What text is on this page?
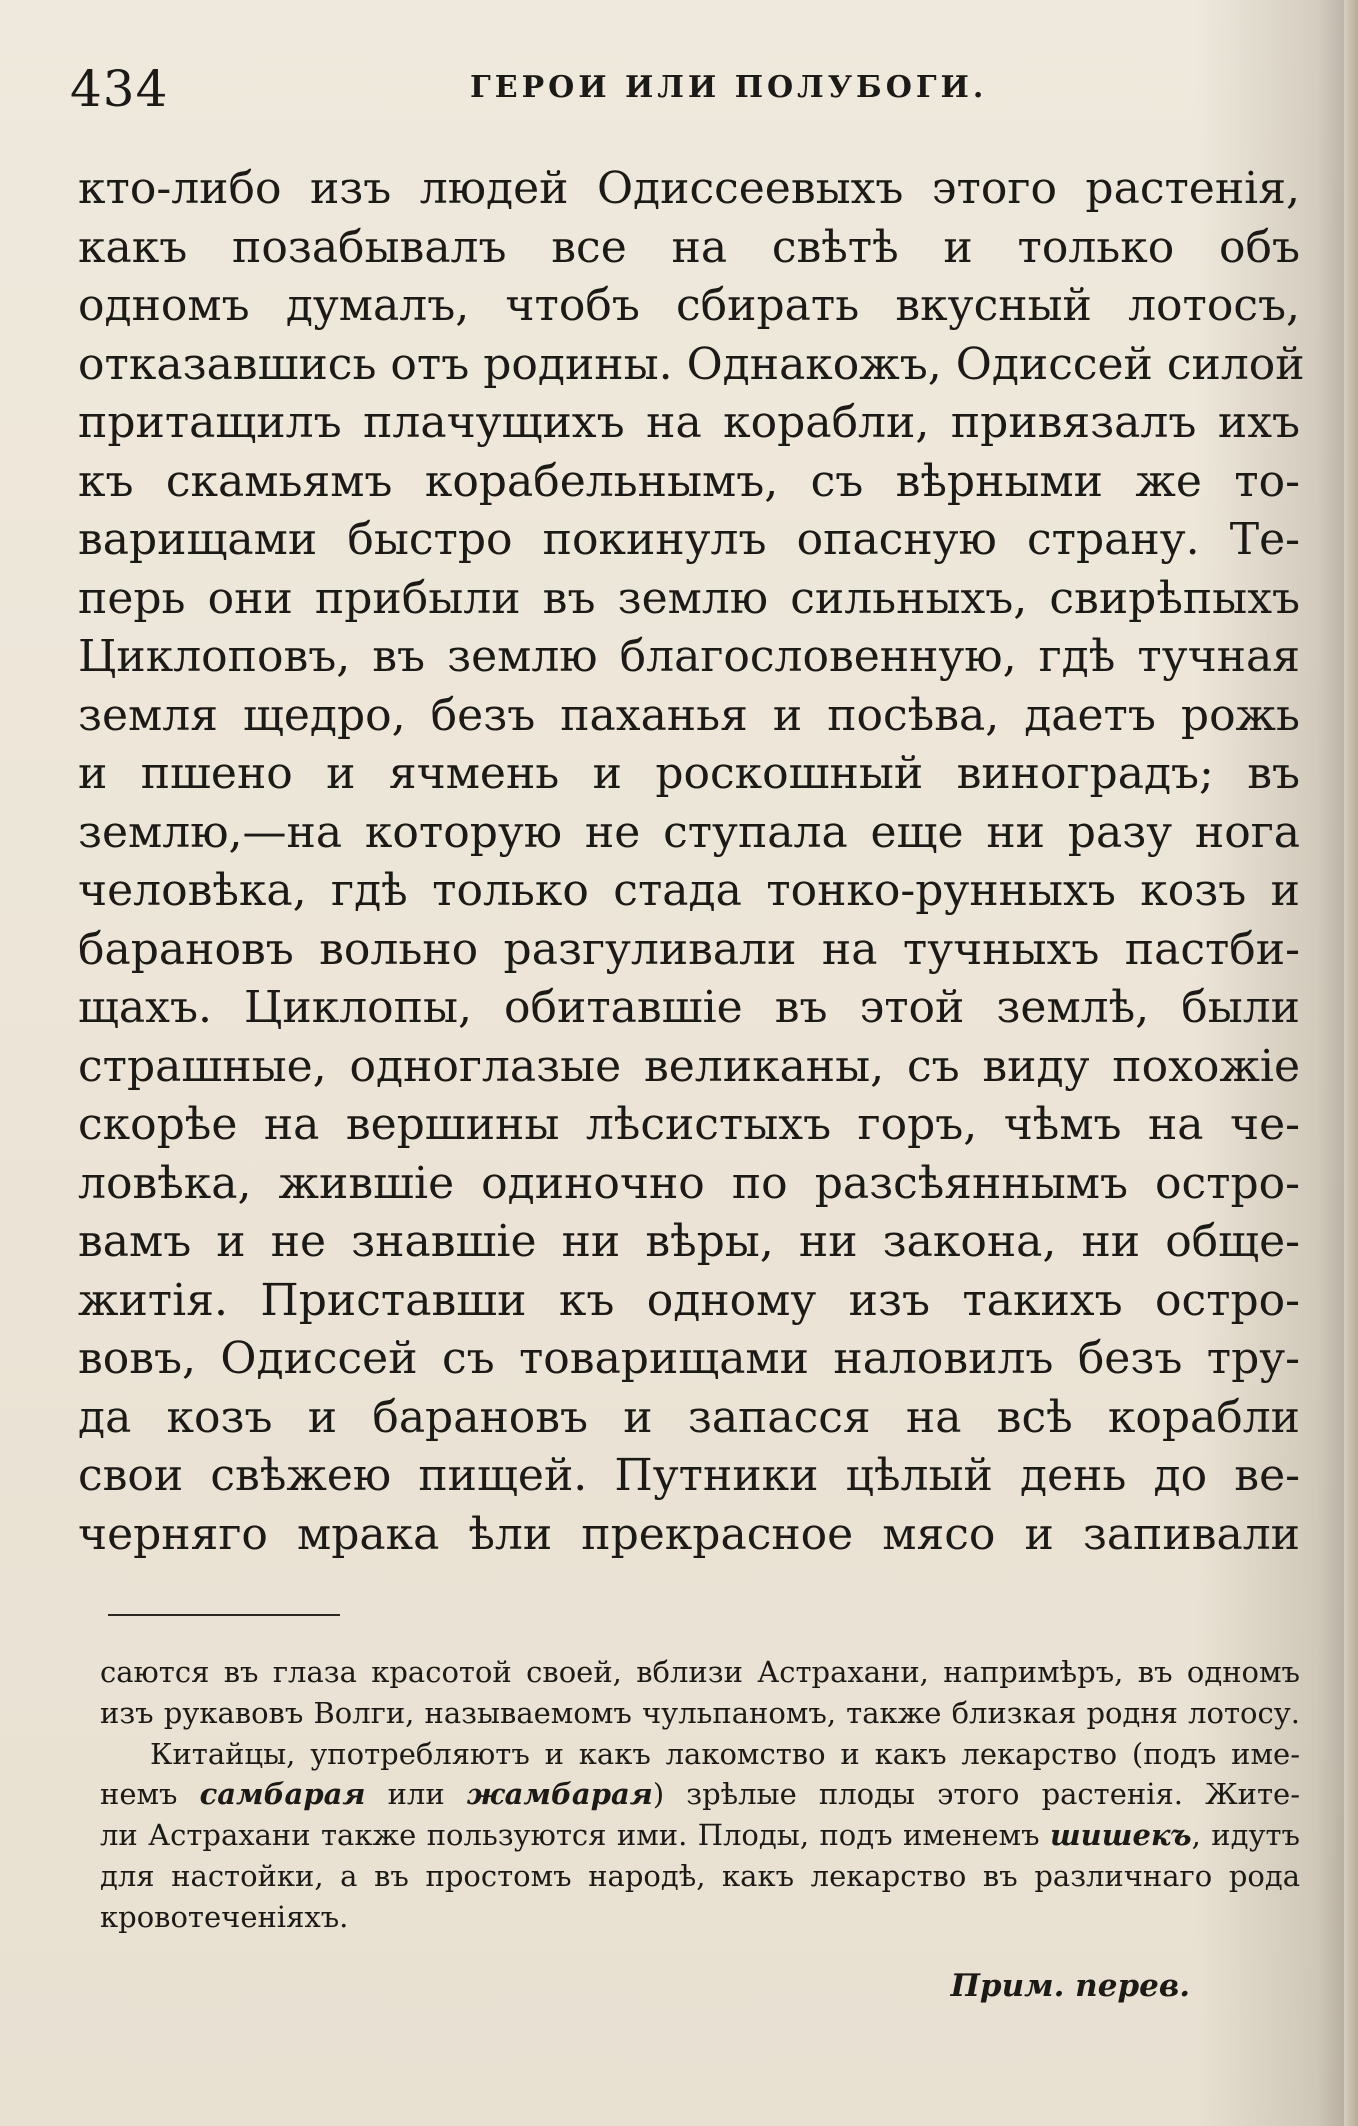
434	ГЕРОИ ИЛИ ПОЛУБОГИ.
кто-либо изъ людей Одиссеевыхъ этого растенія,
какъ позабывалъ все на свѣтѣ и только объ
одномъ думалъ, чтобъ сбирать вкусный лотосъ,
отказавшись отъ родины. Однакожъ, Одиссей силой
притащилъ плачущихъ на корабли, привязалъ ихъ
къ скамьямъ корабельнымъ, съ вѣрными же то-
варищами быстро покинулъ опасную страну. Те-
перь они прибыли въ землю сильныхъ, свирѣпыхъ
Циклоповъ, въ землю благословенную, гдѣ тучная
земля щедро, безъ паханья и посѣва, даетъ рожь
и пшено и ячмень и роскошный виноградъ; въ
землю,—на которую не ступала еще ни разу нога
человѣка, гдѣ только стада тонко-рунныхъ козъ и
барановъ вольно разгуливали на тучныхъ пастби-
щахъ. Циклопы, обитавшіе въ этой землѣ, были
страшные, одноглазые великаны, съ виду похожіе
скорѣе на вершины лѣсистыхъ горъ, чѣмъ на че-
ловѣка, жившіе одиночно по разсѣяннымъ остро-
вамъ и не знавшіе ни вѣры, ни закона, ни обще-
житія. Приставши къ одному изъ такихъ остро-
вовъ, Одиссей съ товарищами наловилъ безъ тру-
да козъ и барановъ и запасся на всѣ корабли
свои свѣжею пищей. Путники цѣлый день до ве-
черняго мрака ѣли прекрасное мясо и запивали
саются въ глаза красотой своей, вблизи Астрахани, напримѣръ, въ одномъ
изъ рукавовъ Волги, называемомъ чульпаномъ, также близкая родня лотосу.
Китайцы, употребляютъ и какъ лакомство и какъ лекарство (подъ име-
немъ самбарая или жамбарая) зрѣлые плоды этого растенія. Жите-
ли Астрахани также пользуются ими. Плоды, подъ именемъ шишекъ, идутъ
для настойки, а въ простомъ народѣ, какъ лекарство въ различнаго рода
кровотеченіяхъ.
Прим. перев.
